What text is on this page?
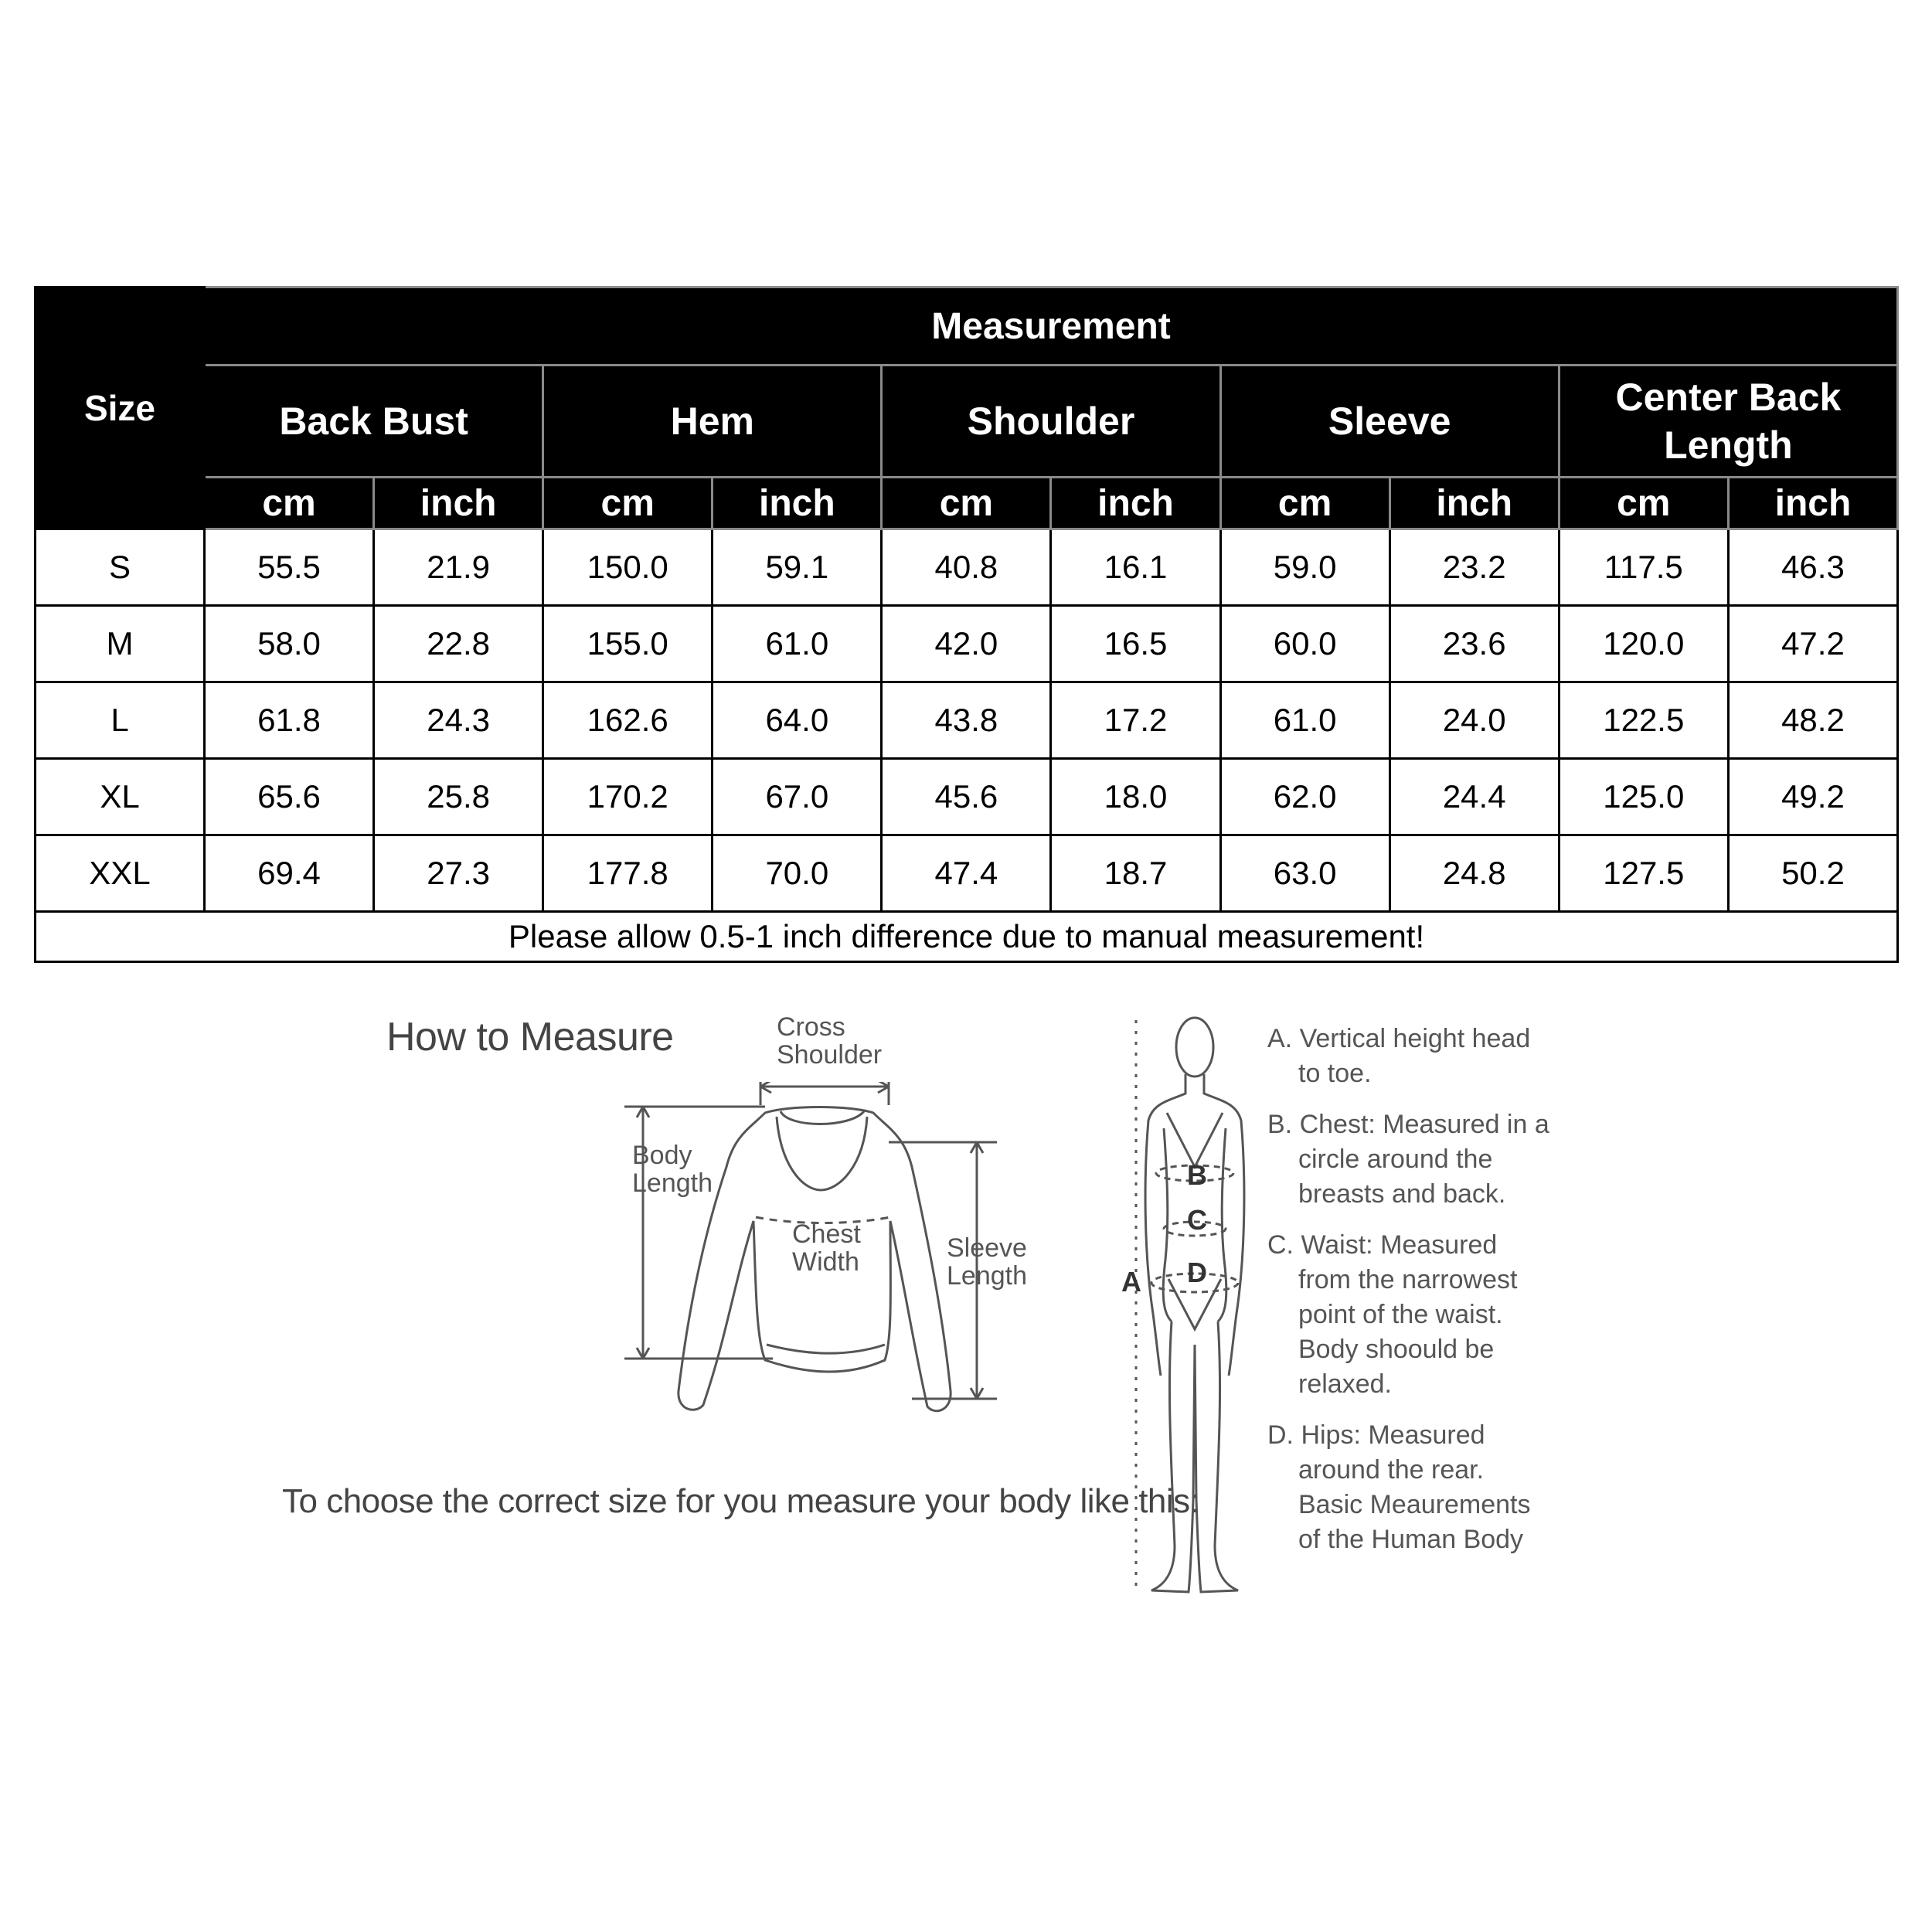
Size	Measurement									
	Back Bust		Hem		Shoulder		Sleeve		Center Back Length	
	cm	inch	cm	inch	cm	inch	cm	inch	cm	inch
S	55.5	21.9	150.0	59.1	40.8	16.1	59.0	23.2	117.5	46.3
M	58.0	22.8	155.0	61.0	42.0	16.5	60.0	23.6	120.0	47.2
L	61.8	24.3	162.6	64.0	43.8	17.2	61.0	24.0	122.5	48.2
XL	65.6	25.8	170.2	67.0	45.6	18.0	62.0	24.4	125.0	49.2
XXL	69.4	27.3	177.8	70.0	47.4	18.7	63.0	24.8	127.5	50.2
Please allow 0.5-1 inch difference due to manual measurement!										
How to Measure	Cross
Shoulder
Body
Length
Chest
Width	Sleeve
Length
To choose the correct size for you measure your body like this:
A
B
C
D
A. Vertical height head
to toe.
B. Chest: Measured in a
circle around the
breasts and back.
C. Waist: Measured
from the narrowest
point of the waist.
Body shoould be
relaxed.
D. Hips: Measured
around the rear.
Basic Meaurements
of the Human Body
